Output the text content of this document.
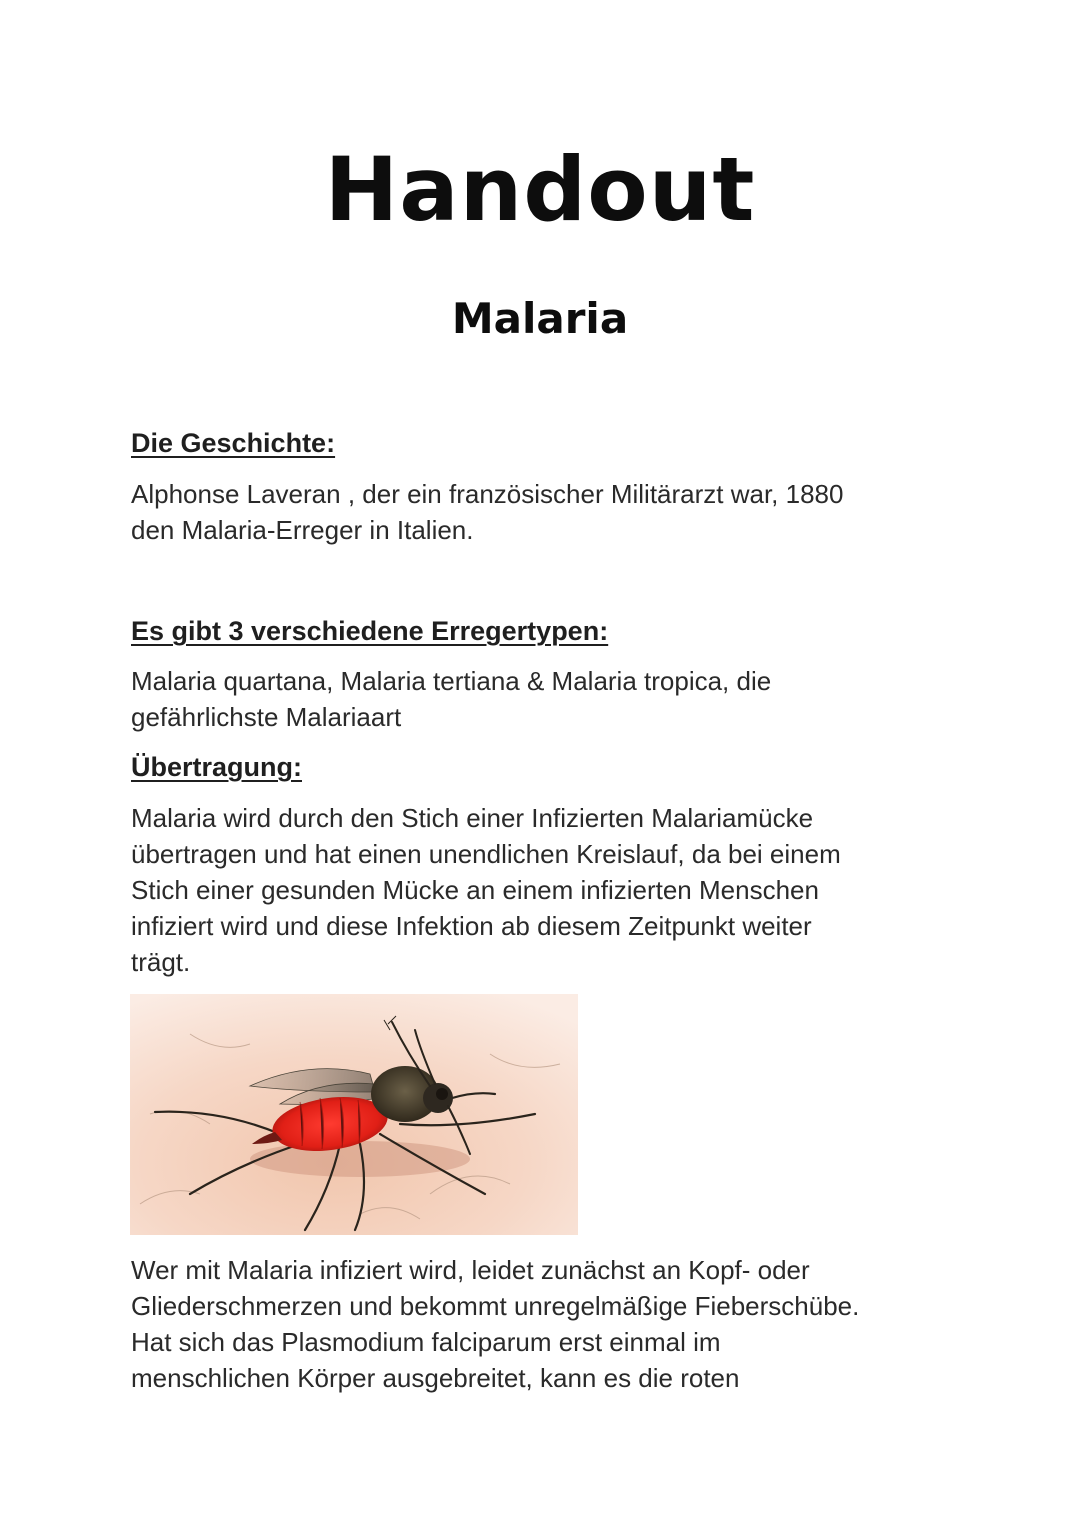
Handout
Malaria
Die Geschichte:
Alphonse Laveran , der ein französischer Militärarzt war, 1880
den Malaria-Erreger in Italien.
Es gibt 3 verschiedene Erregertypen:
Malaria quartana, Malaria tertiana & Malaria tropica, die
gefährlichste Malariaart
Übertragung:
Malaria wird durch den Stich einer Infizierten Malariamücke
übertragen und hat einen unendlichen Kreislauf, da bei einem
Stich einer gesunden Mücke an einem infizierten Menschen
infiziert wird und diese Infektion ab diesem Zeitpunkt weiter
trägt.
Wer mit Malaria infiziert wird, leidet zunächst an Kopf- oder
Gliederschmerzen und bekommt unregelmäßige Fieberschübe.
Hat sich das Plasmodium falciparum erst einmal im
menschlichen Körper ausgebreitet, kann es die roten
